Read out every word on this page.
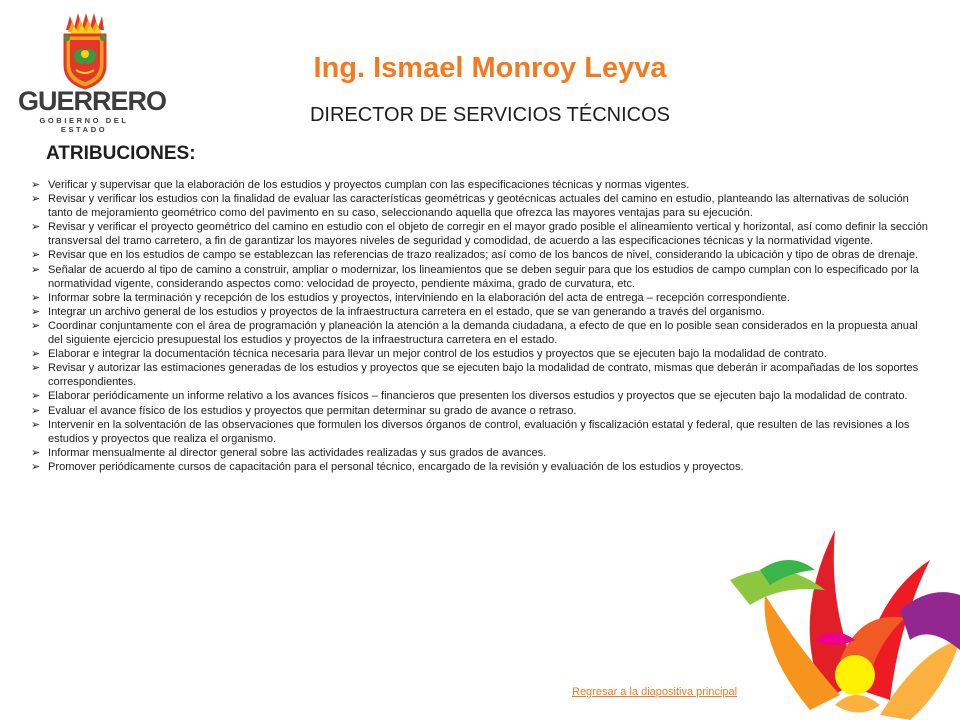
GUERRERO
GOBIERNO DEL ESTADO
Ing. Ismael Monroy Leyva
DIRECTOR DE SERVICIOS TÉCNICOS
ATRIBUCIONES:
➢ Verificar y supervisar que la elaboración de los estudios y proyectos cumplan con las especificaciones técnicas y normas vigentes.
➢ Revisar y verificar los estudios con la finalidad de evaluar las características geométricas y geotécnicas actuales del camino en estudio, planteando las alternativas de solución tanto de mejoramiento geométrico como del pavimento en su caso, seleccionando aquella que ofrezca las mayores ventajas para su ejecución.
➢ Revisar y verificar el proyecto geométrico del camino en estudio con el objeto de corregir en el mayor grado posible el alineamiento vertical y horizontal, así como definir la sección transversal del tramo carretero, a fin de garantizar los mayores niveles de seguridad y comodidad, de acuerdo a las especificaciones técnicas y la normatividad vigente.
➢ Revisar que en los estudios de campo se establezcan las referencias de trazo realizados; así como de los bancos de nivel, considerando la ubicación y tipo de obras de drenaje.
➢ Señalar de acuerdo al tipo de camino a construir, ampliar o modernizar, los lineamientos que se deben seguir para que los estudios de campo cumplan con lo especificado por la normatividad vigente, considerando aspectos como: velocidad de proyecto, pendiente máxima, grado de curvatura, etc.
➢ Informar sobre la terminación y recepción de los estudios y proyectos, interviniendo en la elaboración del acta de entrega – recepción correspondiente.
➢ Integrar un archivo general de los estudios y proyectos de la infraestructura carretera en el estado, que se van generando a través del organismo.
➢ Coordinar conjuntamente con el área de programación y planeación la atención a la demanda ciudadana, a efecto de que en lo posible sean considerados en la propuesta anual del siguiente ejercicio presupuestal los estudios y proyectos de la infraestructura carretera en el estado.
➢ Elaborar e integrar la documentación técnica necesaria para llevar un mejor control de los estudios y proyectos que se ejecuten bajo la modalidad de contrato.
➢ Revisar y autorizar las estimaciones generadas de los estudios y proyectos que se ejecuten bajo la modalidad de contrato, mismas que deberán ir acompañadas de los soportes correspondientes.
➢ Elaborar periódicamente un informe relativo a los avances físicos – financieros que presenten los diversos estudios y proyectos que se ejecuten bajo la modalidad de contrato.
➢ Evaluar el avance físico de los estudios y proyectos que permitan determinar su grado de avance o retraso.
➢ Intervenir en la solventación de las observaciones que formulen los diversos órganos de control, evaluación y fiscalización estatal y federal, que resulten de las revisiones a los estudios y proyectos que realiza el organismo.
➢ Informar mensualmente al director general sobre las actividades realizadas y sus grados de avances.
➢ Promover periódicamente cursos de capacitación para el personal técnico, encargado de la revisión y evaluación de los estudios y proyectos.
Regresar a la diapositiva principal
